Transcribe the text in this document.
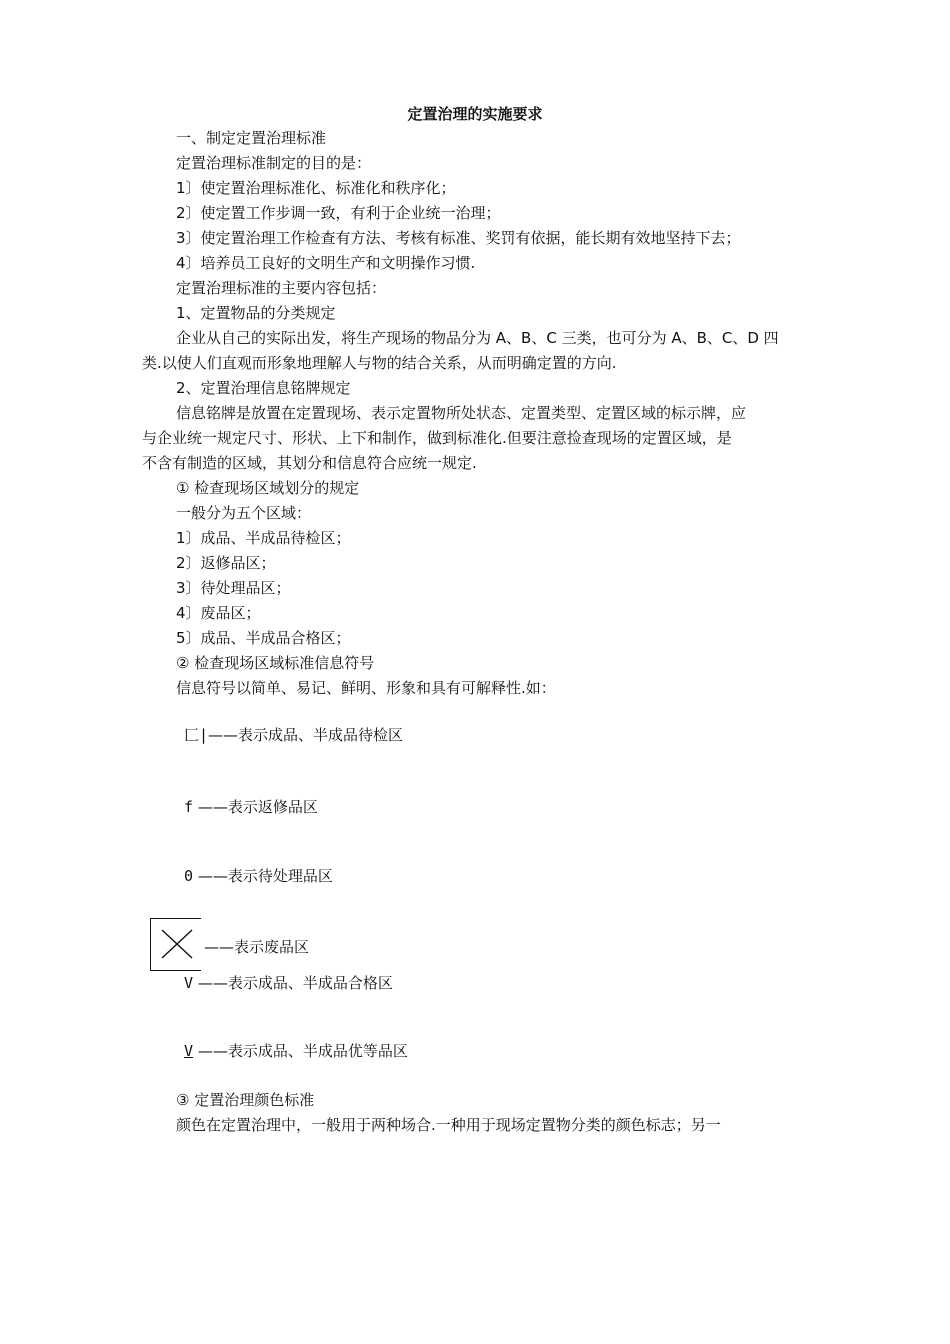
定置治理的实施要求

一、制定定置治理标准

定置治理标准制定的目的是：

1〕使定置治理标准化、标准化和秩序化；

2〕使定置工作步调一致，有利于企业统一治理；

3〕使定置治理工作检查有方法、考核有标准、奖罚有依据，能长期有效地坚持下去；

4〕培养员工良好的文明生产和文明操作习惯.

定置治理标准的主要内容包括：

1、定置物品的分类规定

企业从自己的实际出发，将生产现场的物品分为 A、B、C 三类，也可分为 A、B、C、D 四

类.以使人们直观而形象地理解人与物的结合关系，从而明确定置的方向.

2、定置治理信息铭牌规定

信息铭牌是放置在定置现场、表示定置物所处状态、定置类型、定置区域的标示牌，应

与企业统一规定尺寸、形状、上下和制作，做到标准化.但要注意捡查现场的定置区域，是

不含有制造的区域，其划分和信息符合应统一规定.

① 检查现场区域划分的规定

一般分为五个区域：

1〕成品、半成品待检区；

2〕返修品区；

3〕待处理品区；

4〕废品区；

5〕成品、半成品合格区；

② 检查现场区域标准信息符号

信息符号以简单、易记、鲜明、形象和具有可解释性.如：

匚|——表示成品、半成品待检区
f ——表示返修品区
0 ——表示待处理品区
——表示废品区
V ——表示成品、半成品合格区
V ——表示成品、半成品优等品区

③ 定置治理颜色标准

颜色在定置治理中，一般用于两种场合.一种用于现场定置物分类的颜色标志；另一
